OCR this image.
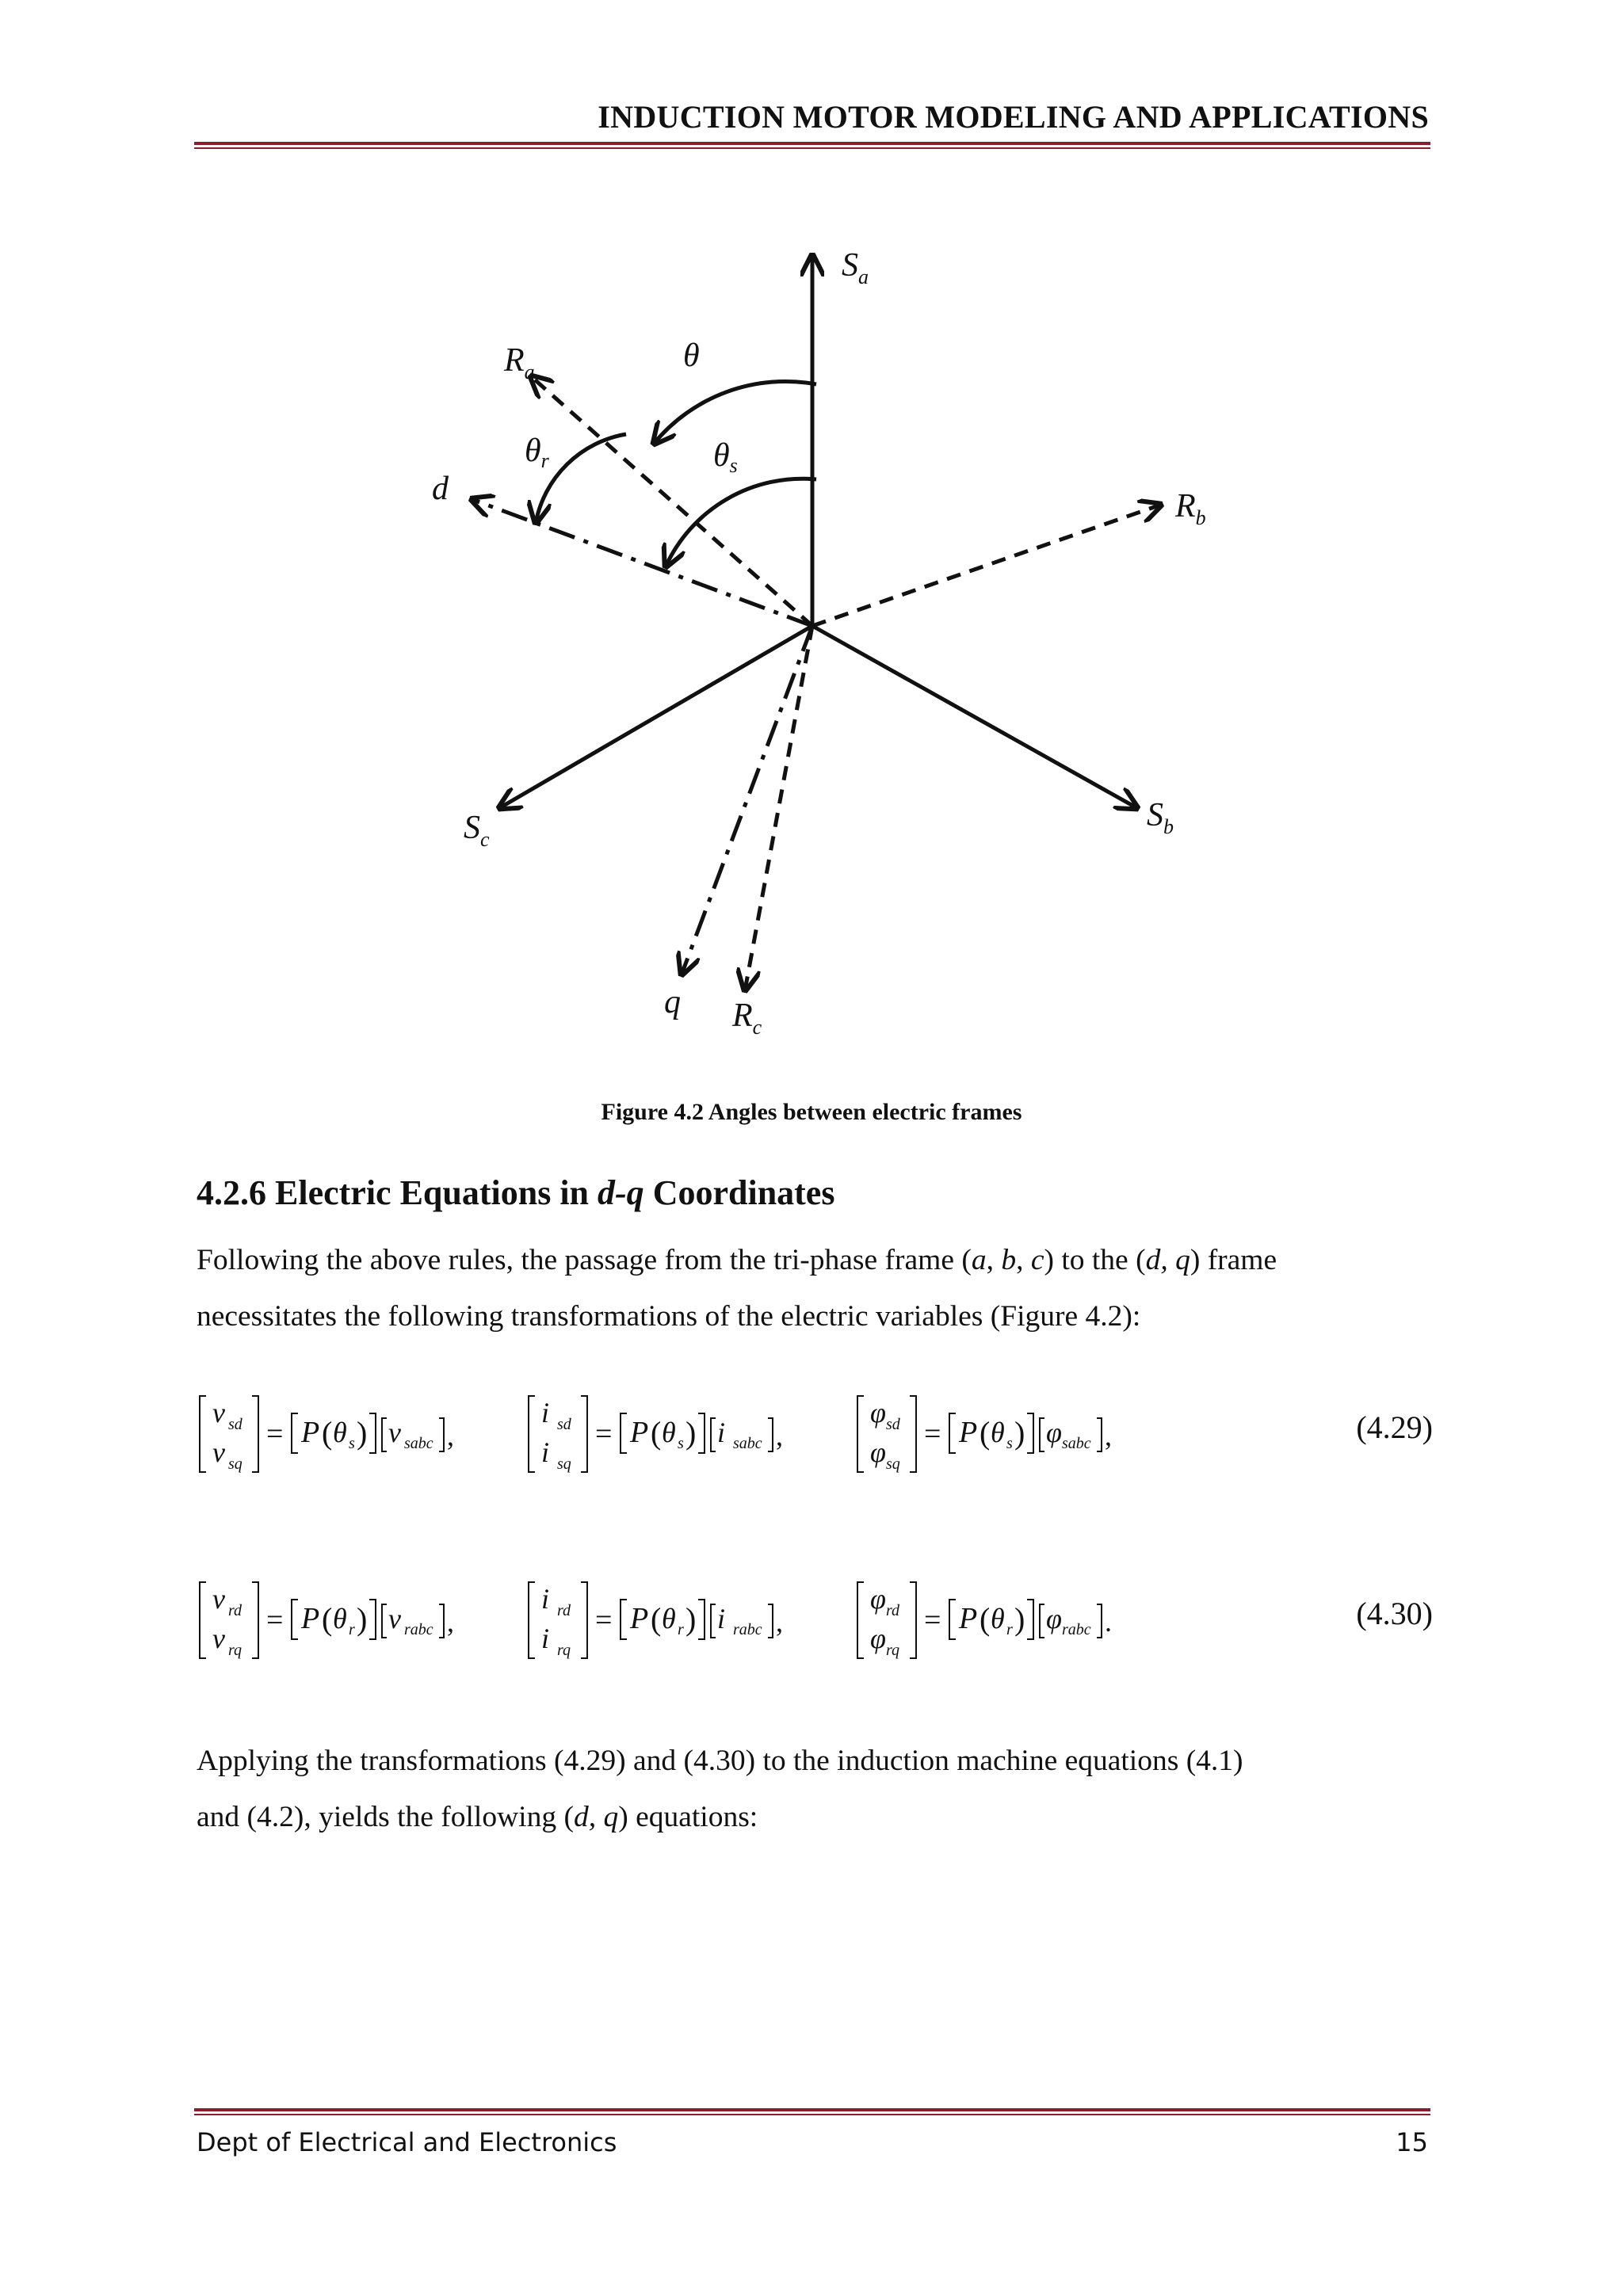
INDUCTION MOTOR MODELING AND APPLICATIONS
$S_a$
$R_b$
$S_b$
$S_c$
$R_a$
$R_c$
d
q
θ
θs
θr
Figure 4.2 Angles between electric frames
4.2.6 Electric Equations in d-q Coordinates
Following the above rules, the passage from the tri-phase frame (a, b, c) to the (d, q) frame
necessitates the following transformations of the electric variables (Figure 4.2):
v sd
v sq
= P ( θ s ) v sabc ,
i sd
i sq
= P ( θ s ) i sabc ,
φ sd
φ sq
= P ( θ s ) φ sabc ,	(4.29)
v rd
v rq
= P ( θ r ) v rabc ,
i rd
i rq
= P ( θ r ) i rabc ,
φ rd
φ rq
= P ( θ r ) φ rabc .	(4.30)
Applying the transformations (4.29) and (4.30) to the induction machine equations (4.1)
and (4.2), yields the following (d, q) equations:
Dept of Electrical and Electronics	15
